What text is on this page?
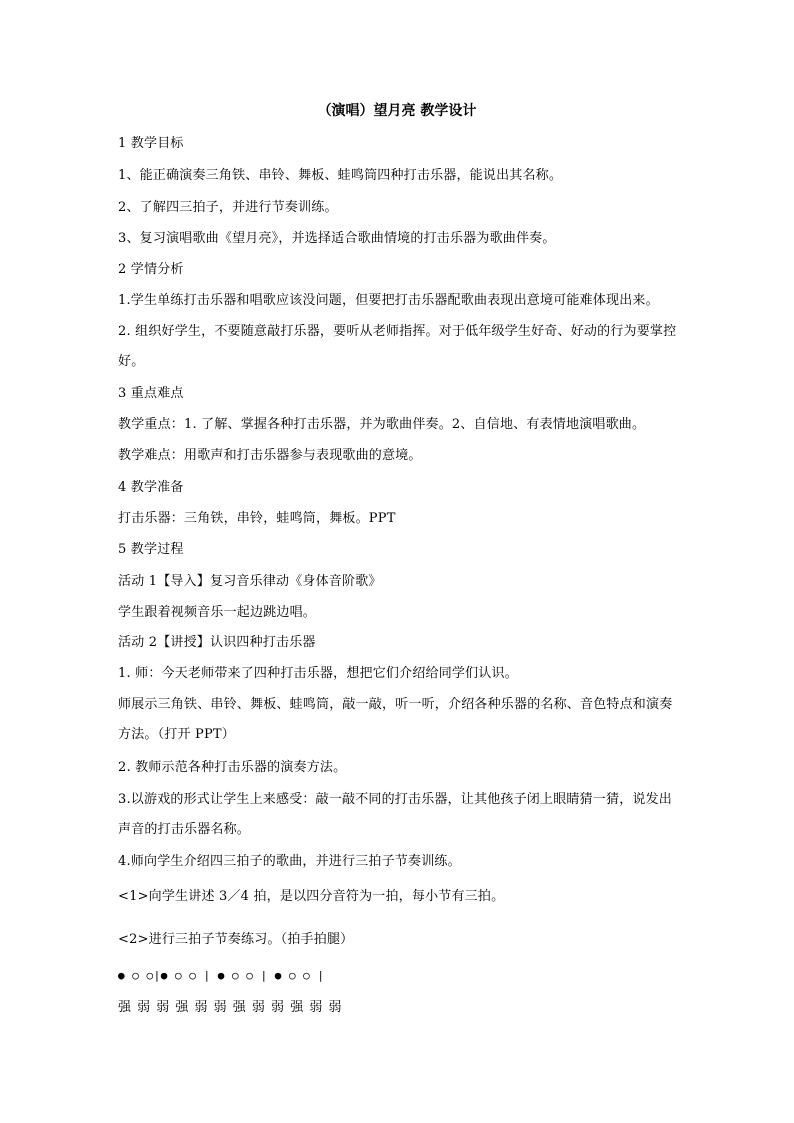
（演唱）望月亮 教学设计
1 教学目标
1、能正确演奏三角铁、串铃、舞板、蛙鸣筒四种打击乐器，能说出其名称。
2、了解四三拍子，并进行节奏训练。
3、复习演唱歌曲《望月亮》，并选择适合歌曲情境的打击乐器为歌曲伴奏。
2 学情分析
1.学生单练打击乐器和唱歌应该没问题，但要把打击乐器配歌曲表现出意境可能难体现出来。
2. 组织好学生，不要随意敲打乐器，要听从老师指挥。对于低年级学生好奇、好动的行为要掌控好。
3 重点难点
教学重点：1. 了解、掌握各种打击乐器，并为歌曲伴奏。2、自信地、有表情地演唱歌曲。
教学难点：用歌声和打击乐器参与表现歌曲的意境。
4 教学准备
打击乐器：三角铁，串铃，蛙鸣筒，舞板。PPT
5 教学过程
活动 1【导入】复习音乐律动《身体音阶歌》
学生跟着视频音乐一起边跳边唱。
活动 2【讲授】认识四种打击乐器
1. 师：今天老师带来了四种打击乐器，想把它们介绍给同学们认识。
师展示三角铁、串铃、舞板、蛙鸣筒，敲一敲，听一听，介绍各种乐器的名称、音色特点和演奏方法。（打开 PPT）
2. 教师示范各种打击乐器的演奏方法。
3.以游戏的形式让学生上来感受：敲一敲不同的打击乐器，让其他孩子闭上眼睛猜一猜，说发出声音的打击乐器名称。
4.师向学生介绍四三拍子的歌曲，并进行三拍子节奏训练。
<1>向学生讲述 3／4 拍，是以四分音符为一拍，每小节有三拍。
<2>进行三拍子节奏练习。（拍手拍腿）
● ○ ○|● ○ ○ | ● ○ ○ | ● ○ ○ |
强 弱 弱 强 弱 弱 强 弱 弱 强 弱 弱
